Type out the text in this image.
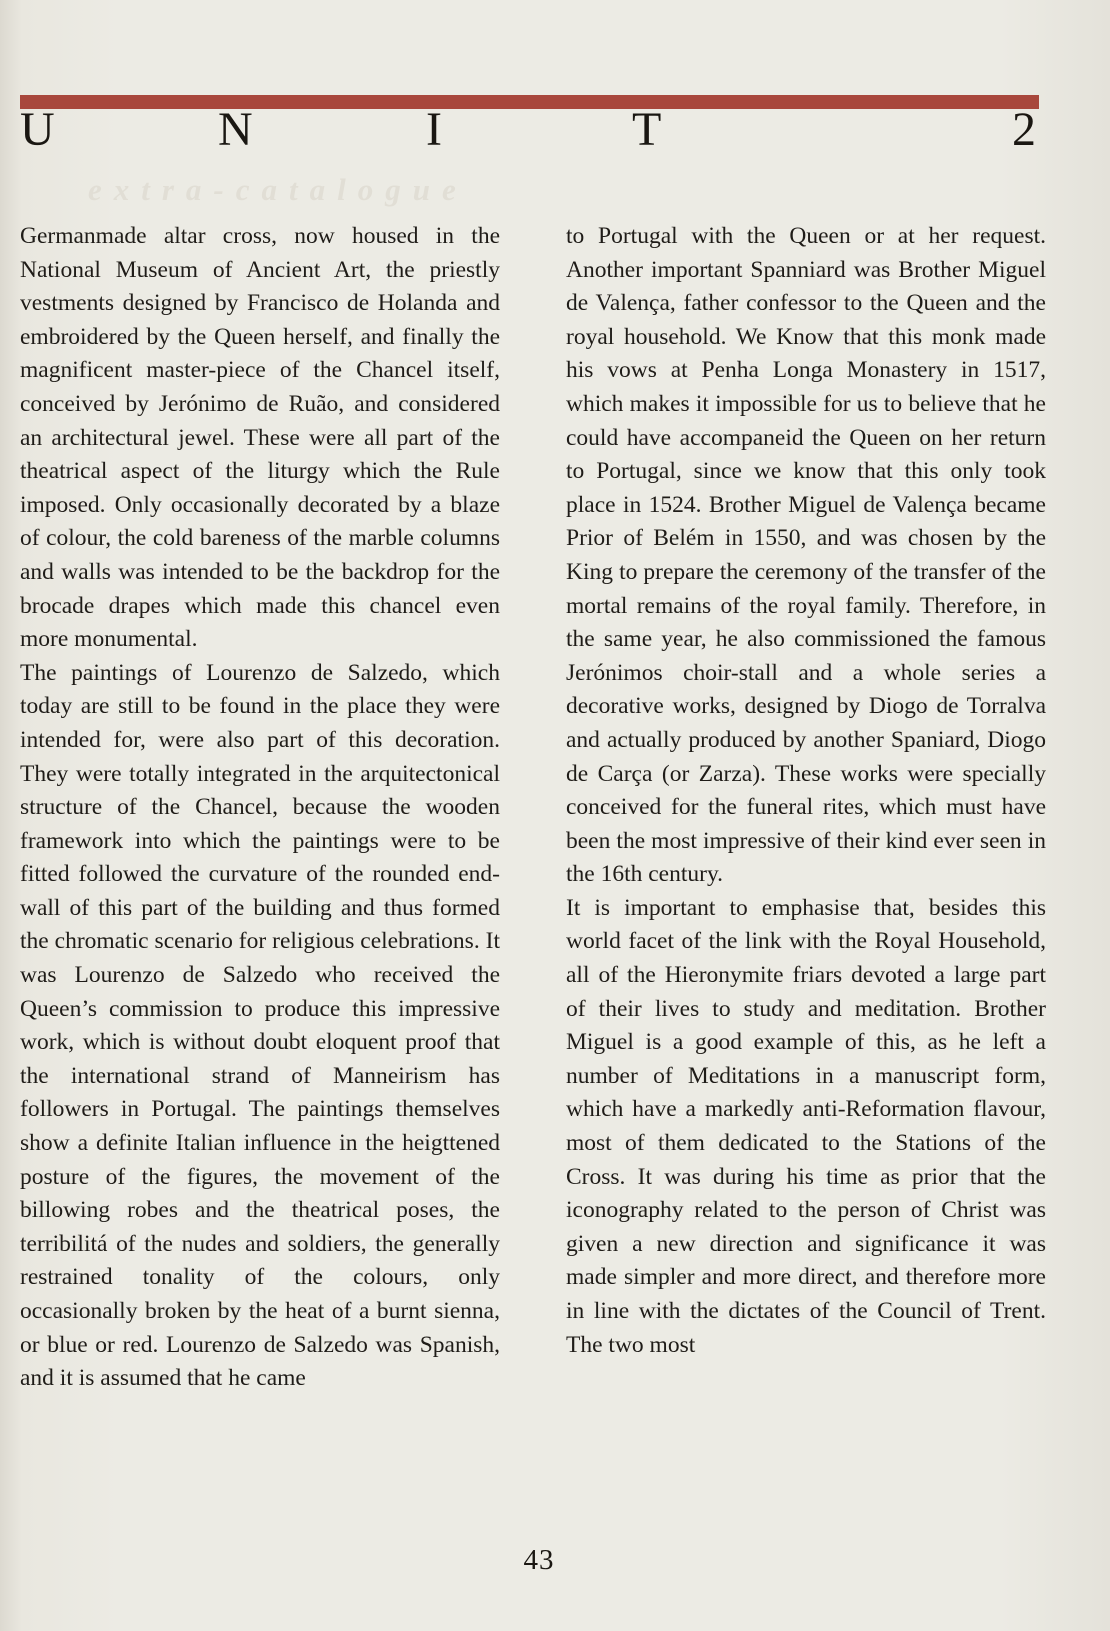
U	N	I	T	2
extra-catalogue

Germanmade altar cross, now housed in the National Museum of Ancient Art, the priestly vestments designed by Francisco de Holanda and embroidered by the Queen herself, and finally the magnificent master-piece of the Chancel itself, conceived by Jerónimo de Ruão, and considered an architectural jewel. These were all part of the theatrical aspect of the liturgy which the Rule imposed. Only occasionally decorated by a blaze of colour, the cold bareness of the marble columns and walls was intended to be the backdrop for the brocade drapes which made this chancel even more monumental.

The paintings of Lourenzo de Salzedo, which today are still to be found in the place they were intended for, were also part of this decoration. They were totally integrated in the arquitectonical structure of the Chancel, because the wooden framework into which the paintings were to be fitted followed the curvature of the rounded end-wall of this part of the building and thus formed the chromatic scenario for religious celebrations. It was Lourenzo de Salzedo who received the Queen’s commission to produce this impressive work, which is without doubt eloquent proof that the international strand of Manneirism has followers in Portugal. The paintings themselves show a definite Italian influence in the heigttened posture of the figures, the movement of the billowing robes and the theatrical poses, the terribilitá of the nudes and soldiers, the generally restrained tonality of the colours, only occasionally broken by the heat of a burnt sienna, or blue or red. Lourenzo de Salzedo was Spanish, and it is assumed that he came

to Portugal with the Queen or at her request. Another important Spanniard was Brother Miguel de Valença, father confessor to the Queen and the royal household. We Know that this monk made his vows at Penha Longa Monastery in 1517, which makes it impossible for us to believe that he could have accompaneid the Queen on her return to Portugal, since we know that this only took place in 1524. Brother Miguel de Valença became Prior of Belém in 1550, and was chosen by the King to prepare the ceremony of the transfer of the mortal remains of the royal family. Therefore, in the same year, he also commissioned the famous Jerónimos choir-stall and a whole series a decorative works, designed by Diogo de Torralva and actually produced by another Spaniard, Diogo de Carça (or Zarza). These works were specially conceived for the funeral rites, which must have been the most impressive of their kind ever seen in the 16th century.

It is important to emphasise that, besides this world facet of the link with the Royal Household, all of the Hieronymite friars devoted a large part of their lives to study and meditation. Brother Miguel is a good example of this, as he left a number of Meditations in a manuscript form, which have a markedly anti-Reformation flavour, most of them dedicated to the Stations of the Cross. It was during his time as prior that the iconography related to the person of Christ was given a new direction and significance it was made simpler and more direct, and therefore more in line with the dictates of the Council of Trent. The two most

43
